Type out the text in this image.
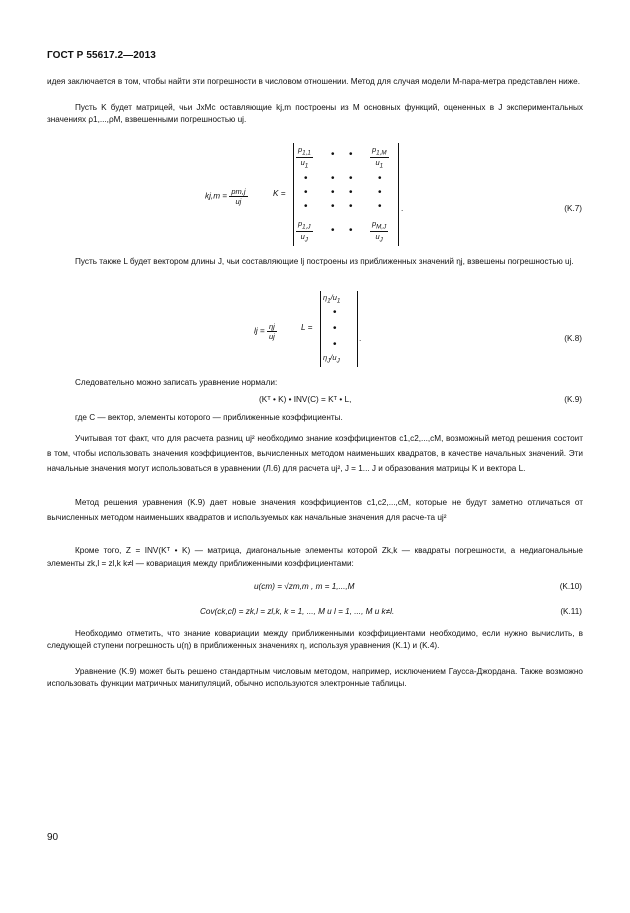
ГОСТ Р 55617.2—2013
идея заключается в том, чтобы найти эти погрешности в числовом отношении. Метод для случая модели M-пара-метра представлен ниже.
Пусть K будет матрицей, чьи JxMс оставляющие kj,m построены из M основных функций, оцененных в J экспериментальных значениях ρ1,...,ρM, взвешенными погрешностью uj.
$kj,m = \frac{pm,j}{uj}$	K =
$\frac{p_{1,1}}{u_1}$ • • $\frac{p_{1,M}}{u_1}$
• • •	•
• • •	•
• • •	•
$\frac{p_{1,J}}{u_J}$ • • $\frac{p_{M,J}}{u_J}$
.	(K.7)
Пусть также L будет вектором длины J, чьи составляющие lj построены из приближенных значений ηj, взвешены погрешностью uj.
lj = $\frac{\eta j}{uj}$	L =
$\eta_1/u_1$
•
•
•
$\eta_J/u_J$
.	(K.8)
Следовательно можно записать уравнение нормали:
(Kᵀ • K) • INV(C) = Kᵀ • L,	(K.9)
где C — вектор, элементы которого — приближенные коэффициенты.
Учитывая тот факт, что для расчета разниц uj² необходимо знание коэффициентов c1,c2,...,cM, возможный метод решения состоит в том, чтобы использовать значения коэффициентов, вычисленных методом наименьших квадратов, в качестве начальных значений. Эти начальные значения могут использоваться в уравнении (Л.6) для расчета uj², J = 1... J и образования матрицы K и вектора L.
Метод решения уравнения (K.9) дает новые значения коэффициентов c1,c2,...,cM, которые не будут заметно отличаться от вычисленных методом наименьших квадратов и используемых как начальные значения для расче-та uj²
Кроме того, Z = INV(Kᵀ • K) — матрица, диагональные элементы которой Zk,k — квадраты погрешности, а недиагональные элементы zk,l = zl,k k≠l — ковариация между приближенными коэффициентами:
u(cm) = √zm,m , m = 1,...,M	(K.10)
Cov(ck,cl) = zk,l = zl,k, k = 1, ..., M и l = 1, ..., M и k≠l.	(K.11)
Необходимо отметить, что знание ковариации между приближенными коэффициентами необходимо, если нужно вычислить, в следующей ступени погрешность u(η) в приближенных значениях η, используя уравнения (K.1) и (K.4).
Уравнение (K.9) может быть решено стандартным числовым методом, например, исключением Гаусса-Джордана. Также возможно использовать функции матричных манипуляций, обычно используются электронные таблицы.
90
